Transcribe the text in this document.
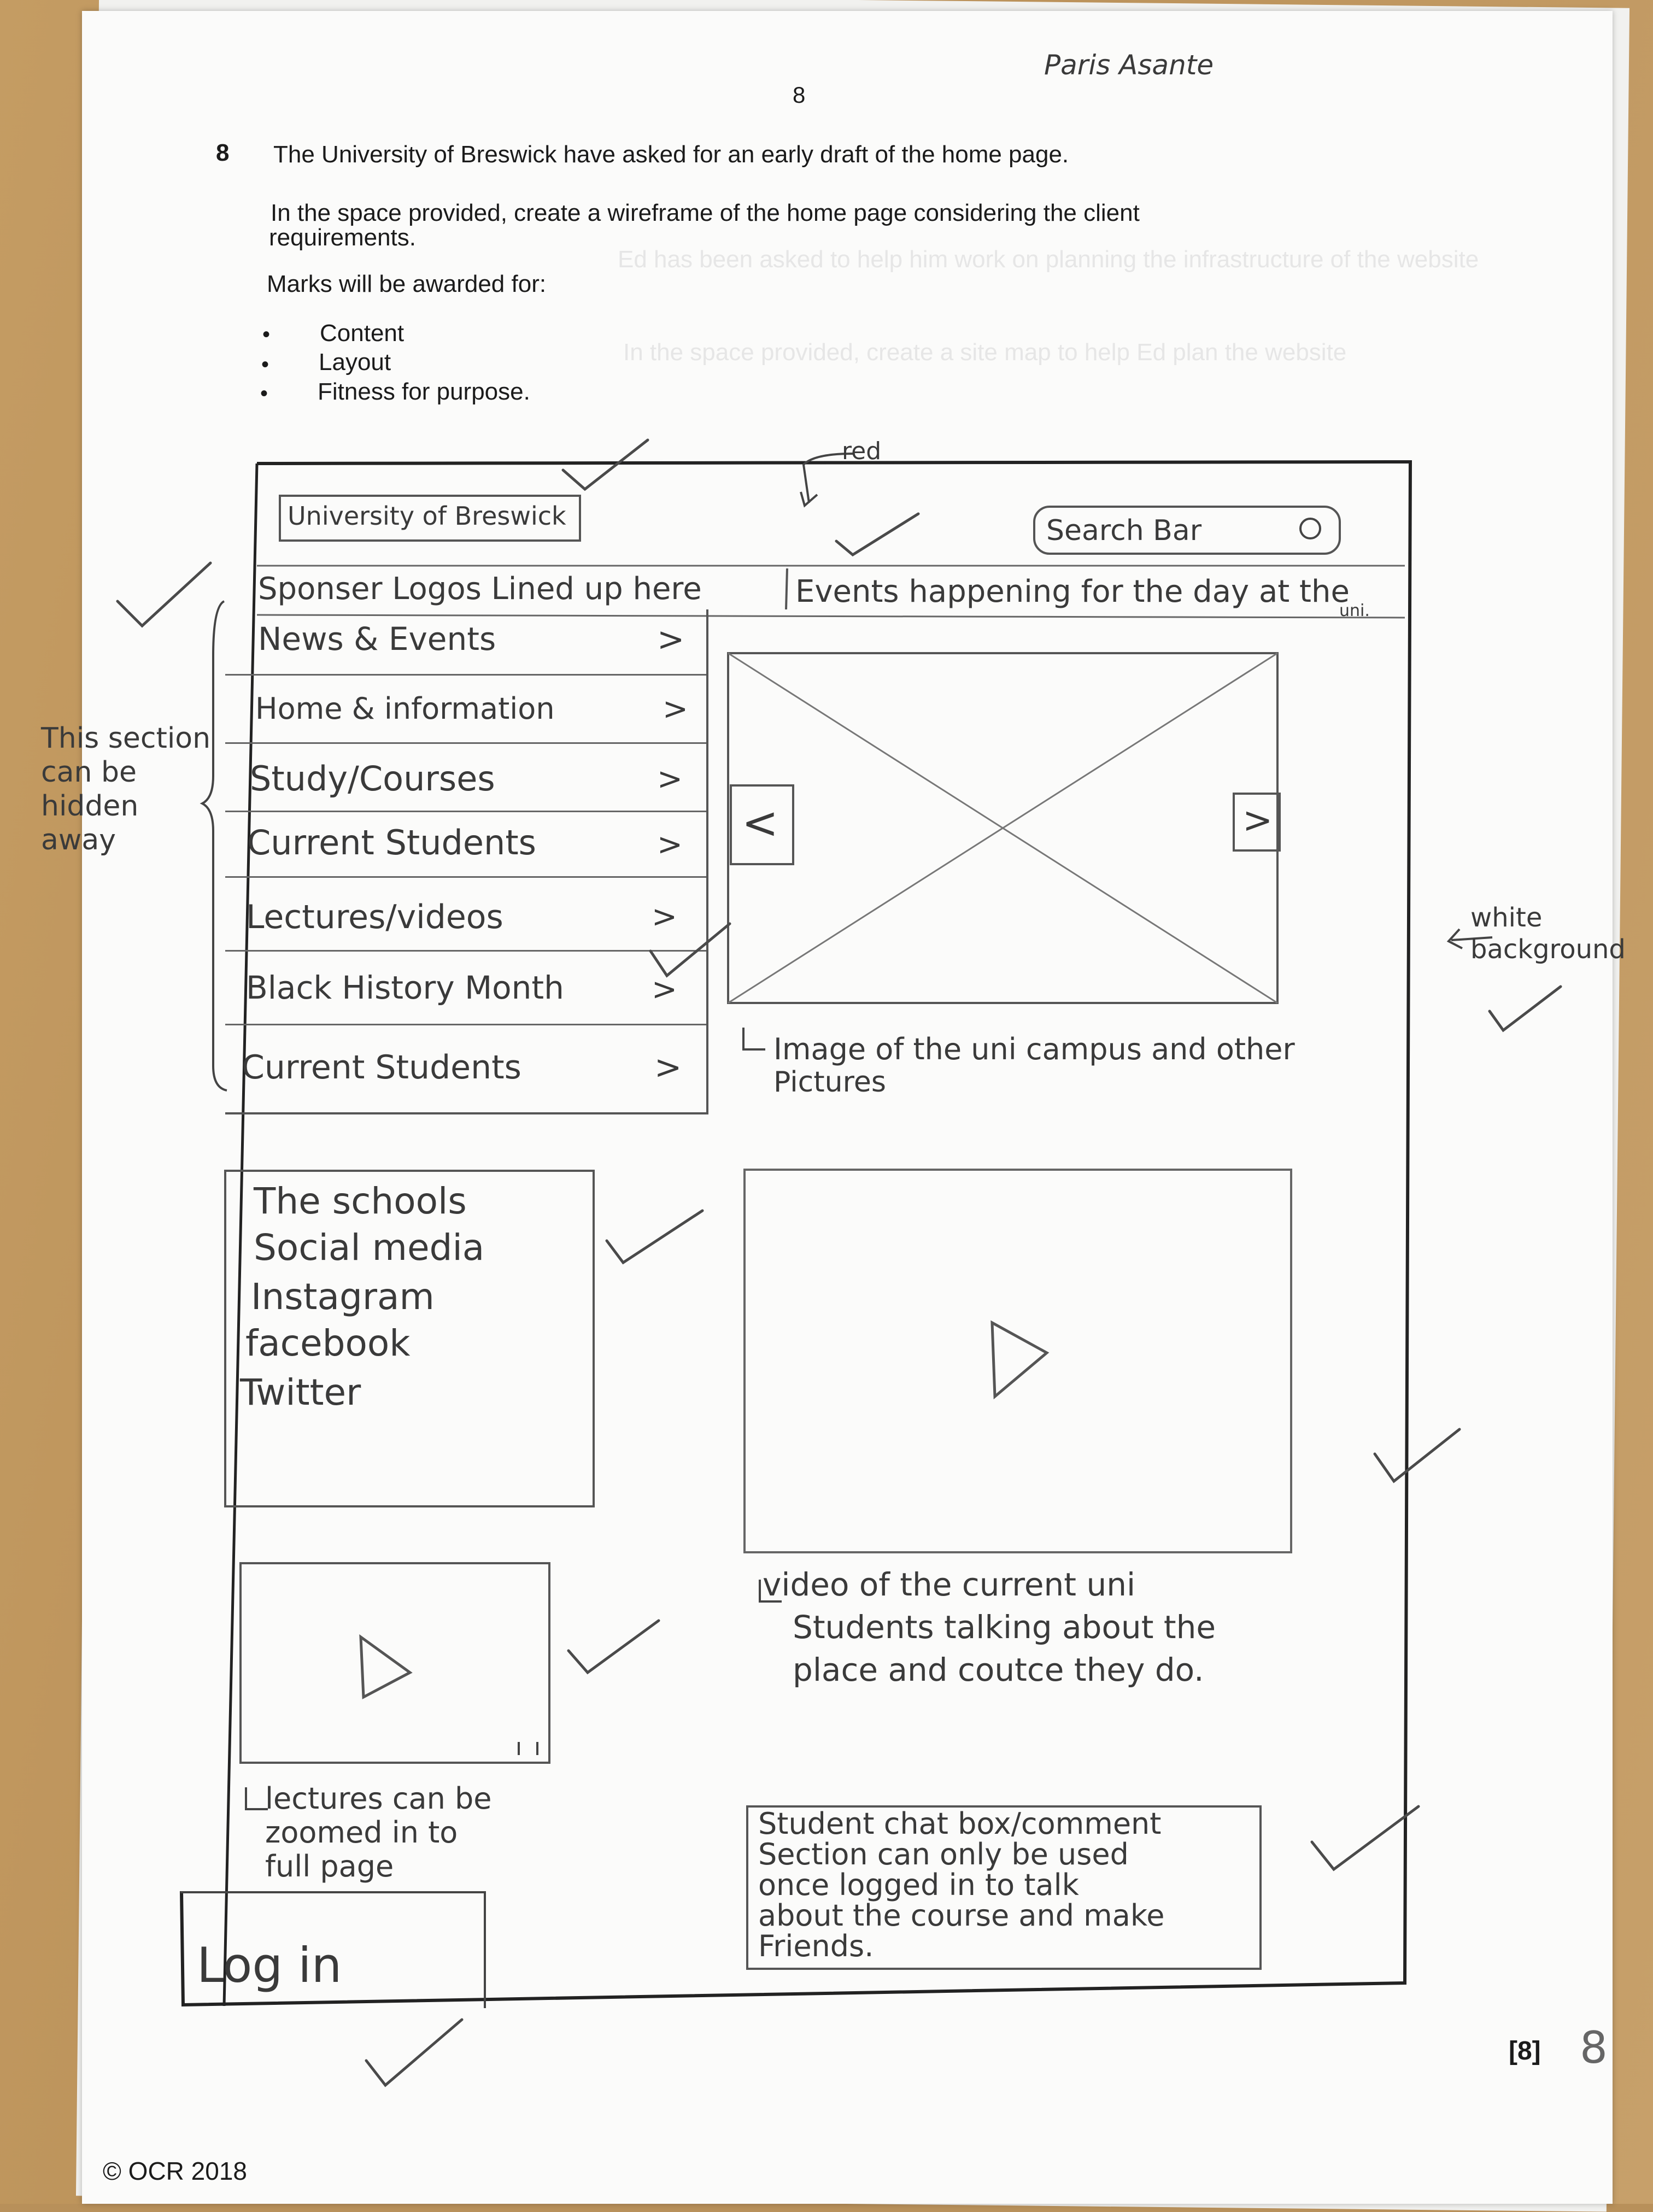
Paris Asante
8
8 The University of Breswick have asked for an early draft of the home page.
In the space provided, create a wireframe of the home page considering the client
requirements.
Marks will be awarded for:
• Content
• Layout
• Fitness for purpose.
Ed has been asked to help him work on planning the infrastructure of the website
In the space provided, create a site map to help Ed plan the website
University of Breswick	Search Bar
Sponser Logos Lined up here	Events happening for the day at the
uni.
News & Events	>
Home & information	>
Study/Courses	>
Current Students	>
Lectures/videos	>
Black History Month	>
Current Students	>
<	>
Image of the uni campus and other
Pictures
The schools
Social media
Instagram
facebook
Twitter
video of the current uni
Students talking about the
place and coutce they do.
lectures can be
zoomed in to
full page
Log in
Student chat box/comment
Section can only be used
once logged in to talk
about the course and make
Friends.
red
This section
can be
hidden
away
white
background
[8] 8
© OCR 2018
